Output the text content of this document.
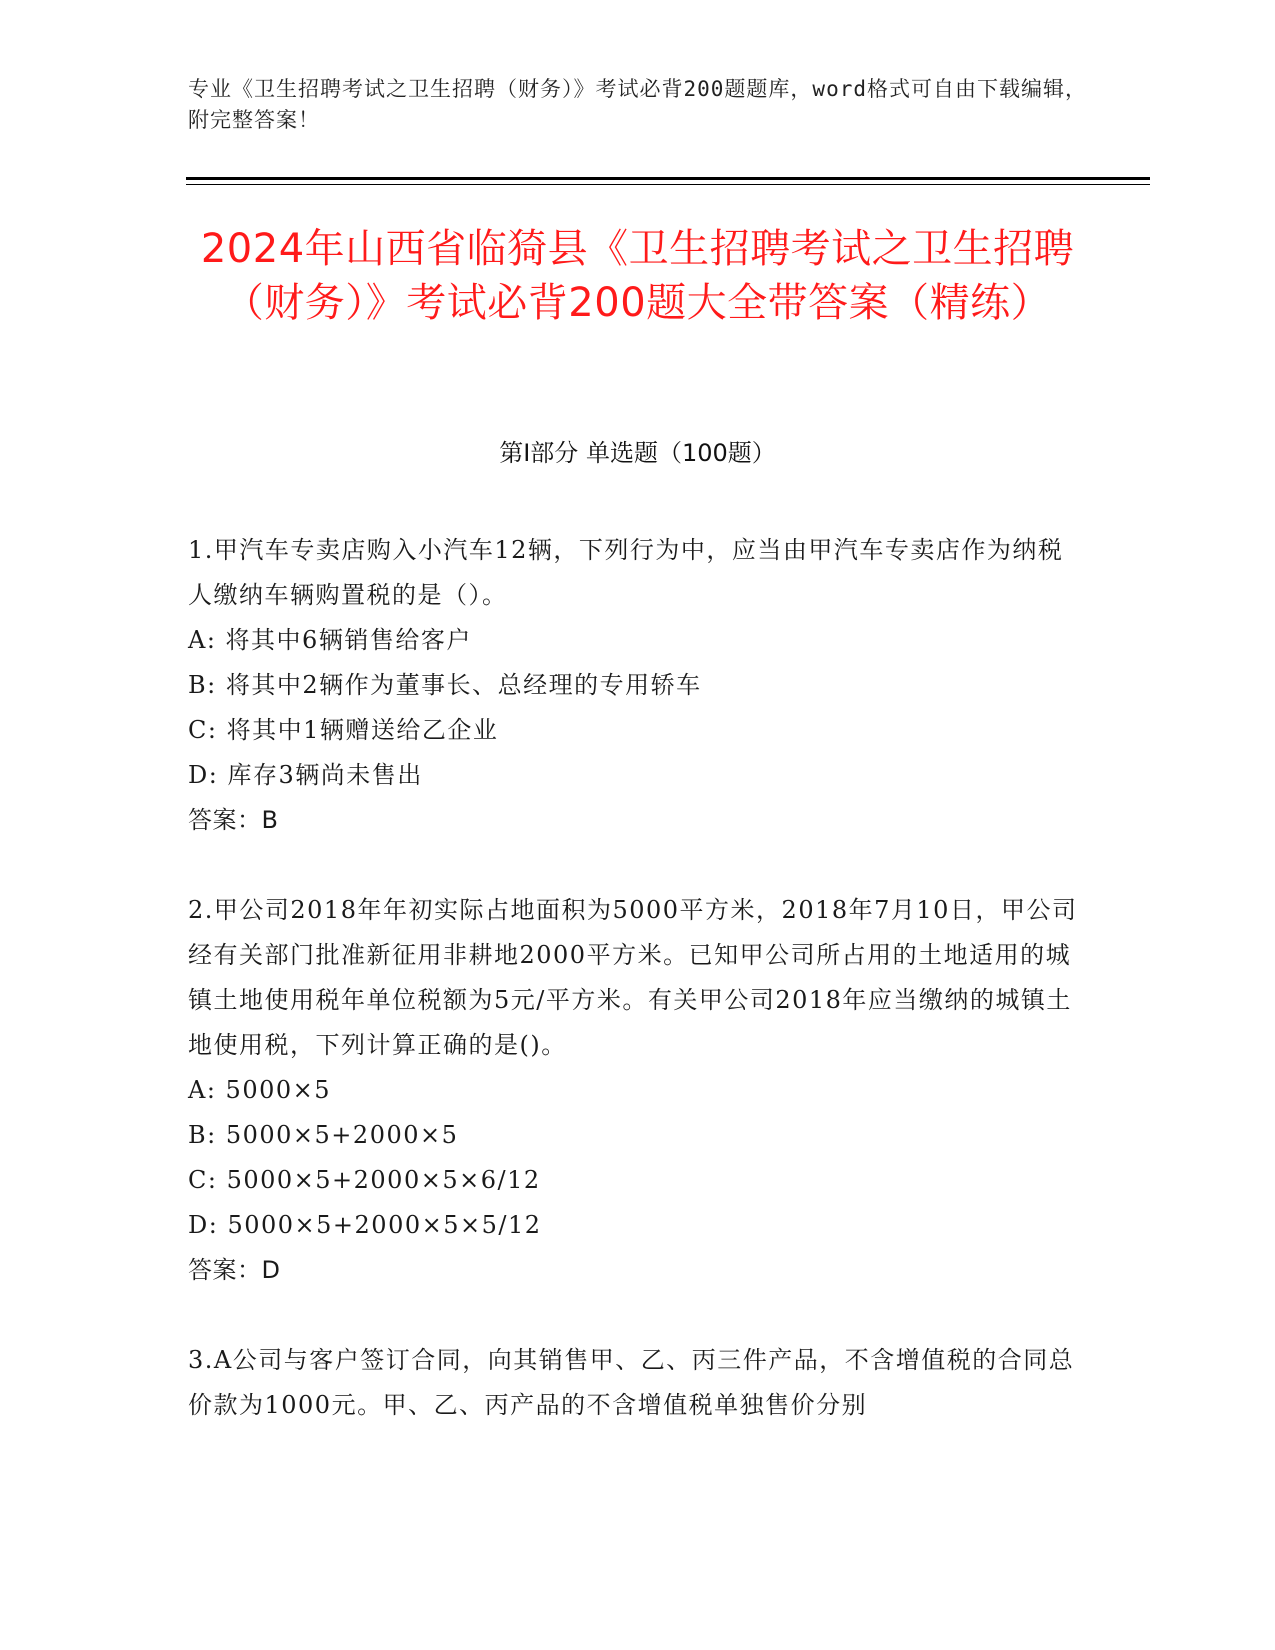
专业《卫生招聘考试之卫生招聘（财务）》考试必背200题题库，word格式可自由下载编辑，附完整答案！
2024年山西省临猗县《卫生招聘考试之卫生招聘（财务）》考试必背200题大全带答案（精练）
第Ⅰ部分 单选题（100题）

1.甲汽车专卖店购入小汽车12辆，下列行为中，应当由甲汽车专卖店作为纳税人缴纳车辆购置税的是（）。

A: 将其中6辆销售给客户

B: 将其中2辆作为董事长、总经理的专用轿车

C: 将其中1辆赠送给乙企业

D: 库存3辆尚未售出

答案：B

2.甲公司2018年年初实际占地面积为5000平方米，2018年7月10日，甲公司经有关部门批准新征用非耕地2000平方米。已知甲公司所占用的土地适用的城镇土地使用税年单位税额为5元/平方米。有关甲公司2018年应当缴纳的城镇土地使用税，下列计算正确的是()。

A: 5000×5

B: 5000×5+2000×5

C: 5000×5+2000×5×6/12

D: 5000×5+2000×5×5/12

答案：D

3.A公司与客户签订合同，向其销售甲、乙、丙三件产品，不含增值税的合同总价款为1000元。甲、乙、丙产品的不含增值税单独售价分别
